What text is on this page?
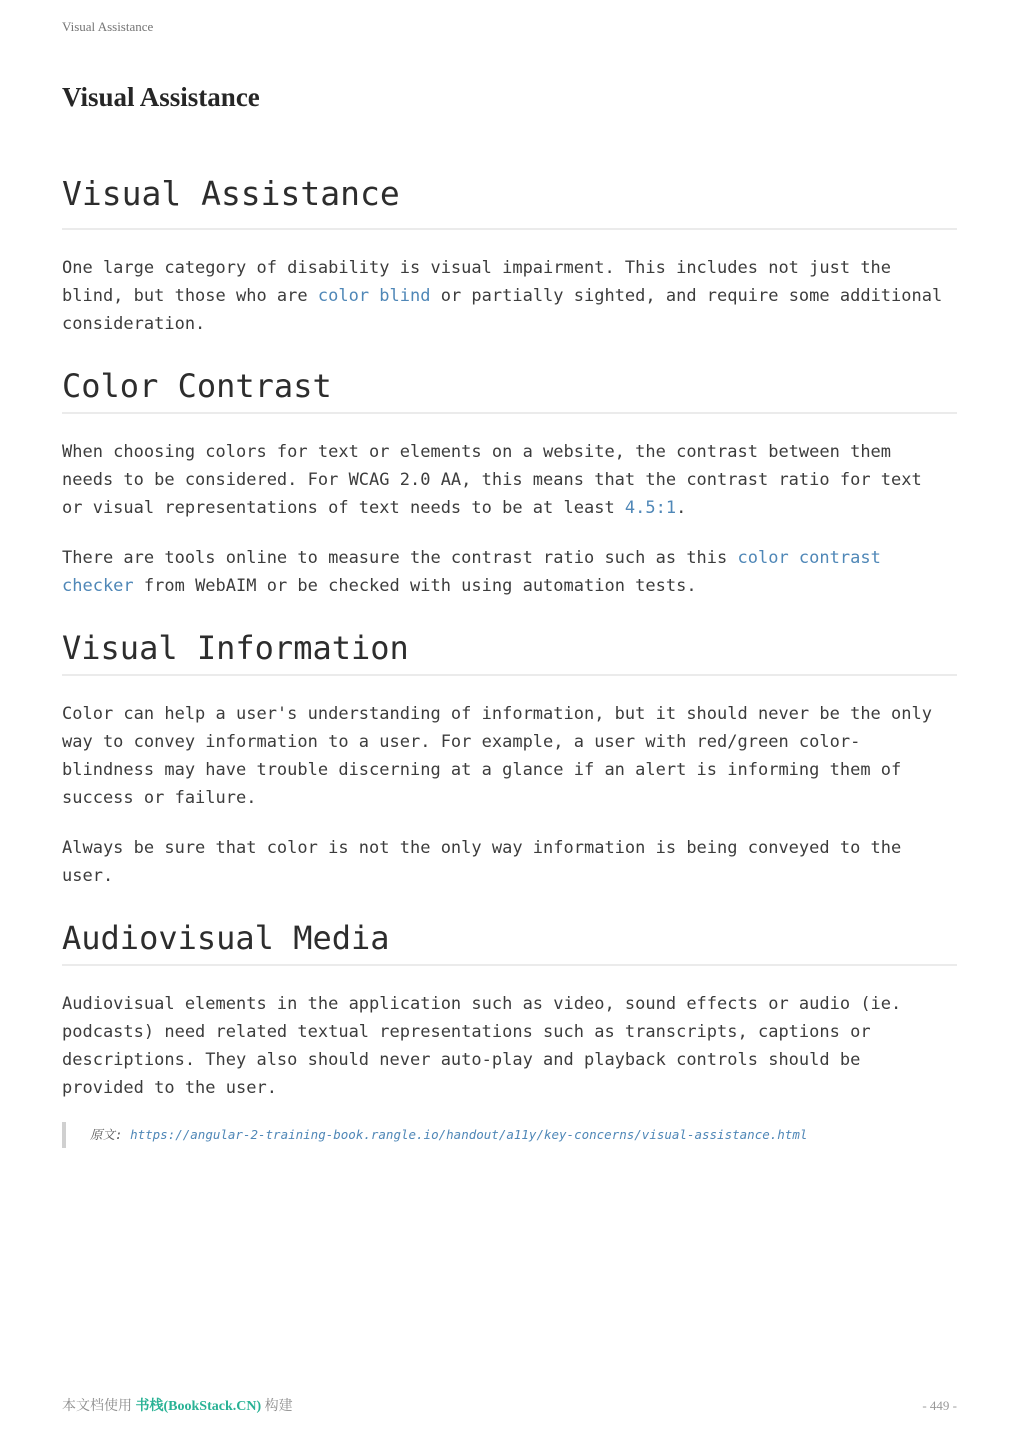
Visual Assistance
Visual Assistance
Visual Assistance

One large category of disability is visual impairment. This includes not just the blind, but those who are color blind or partially sighted, and require some additional consideration.

Color Contrast

When choosing colors for text or elements on a website, the contrast between them needs to be considered. For WCAG 2.0 AA, this means that the contrast ratio for text or visual representations of text needs to be at least 4.5:1.

There are tools online to measure the contrast ratio such as this color contrast checker from WebAIM or be checked with using automation tests.

Visual Information

Color can help a user's understanding of information, but it should never be the only way to convey information to a user. For example, a user with red/green color-blindness may have trouble discerning at a glance if an alert is informing them of success or failure.

Always be sure that color is not the only way information is being conveyed to the user.

Audiovisual Media

Audiovisual elements in the application such as video, sound effects or audio (ie. podcasts) need related textual representations such as transcripts, captions or descriptions. They also should never auto-play and playback controls should be provided to the user.

原文: https://angular-2-training-book.rangle.io/handout/a11y/key-concerns/visual-assistance.html
本文档使用 书栈(BookStack.CN) 构建	- 449 -
